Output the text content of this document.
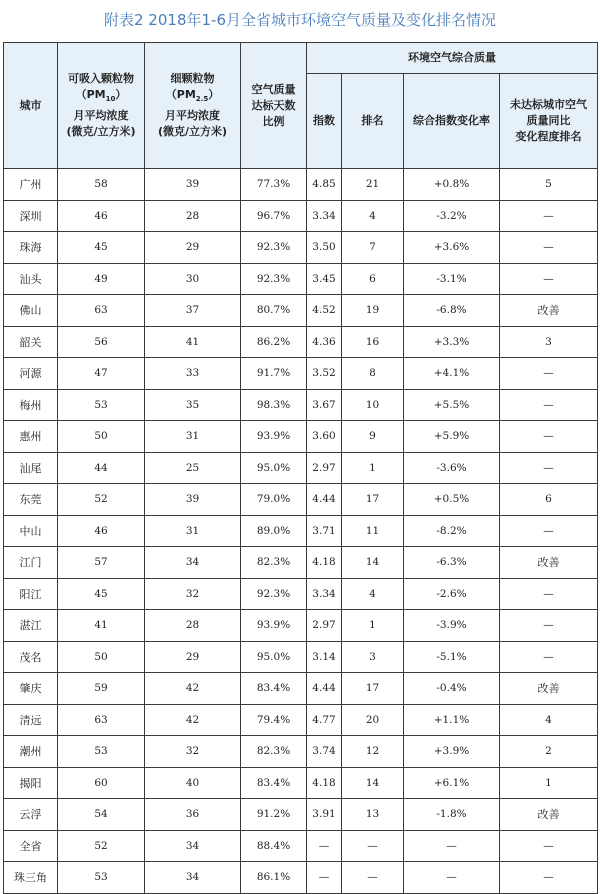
附表2 2018年1-6月全省城市环境空气质量及变化排名情况
城市	可吸入颗粒物
$(PM_{10})$
月平均浓度
(微克/立方米)	细颗粒物
$(PM_{2.5})$
月平均浓度
(微克/立方米)	空气质量
达标天数
比例	环境空气综合质量			
				指数	排名	综合指数变化率	未达标城市空气
质量同比
变化程度排名
广州	58	39	77.3%	4.85	21	+0.8%	5
深圳	46	28	96.7%	3.34	4	-3.2%	—
珠海	45	29	92.3%	3.50	7	+3.6%	—
汕头	49	30	92.3%	3.45	6	-3.1%	—
佛山	63	37	80.7%	4.52	19	-6.8%	改善
韶关	56	41	86.2%	4.36	16	+3.3%	3
河源	47	33	91.7%	3.52	8	+4.1%	—
梅州	53	35	98.3%	3.67	10	+5.5%	—
惠州	50	31	93.9%	3.60	9	+5.9%	—
汕尾	44	25	95.0%	2.97	1	-3.6%	—
东莞	52	39	79.0%	4.44	17	+0.5%	6
中山	46	31	89.0%	3.71	11	-8.2%	—
江门	57	34	82.3%	4.18	14	-6.3%	改善
阳江	45	32	92.3%	3.34	4	-2.6%	—
湛江	41	28	93.9%	2.97	1	-3.9%	—
茂名	50	29	95.0%	3.14	3	-5.1%	—
肇庆	59	42	83.4%	4.44	17	-0.4%	改善
清远	63	42	79.4%	4.77	20	+1.1%	4
潮州	53	32	82.3%	3.74	12	+3.9%	2
揭阳	60	40	83.4%	4.18	14	+6.1%	1
云浮	54	36	91.2%	3.91	13	-1.8%	改善
全省	52	34	88.4%	—	—	—	—
珠三角	53	34	86.1%	—	—	—	—
